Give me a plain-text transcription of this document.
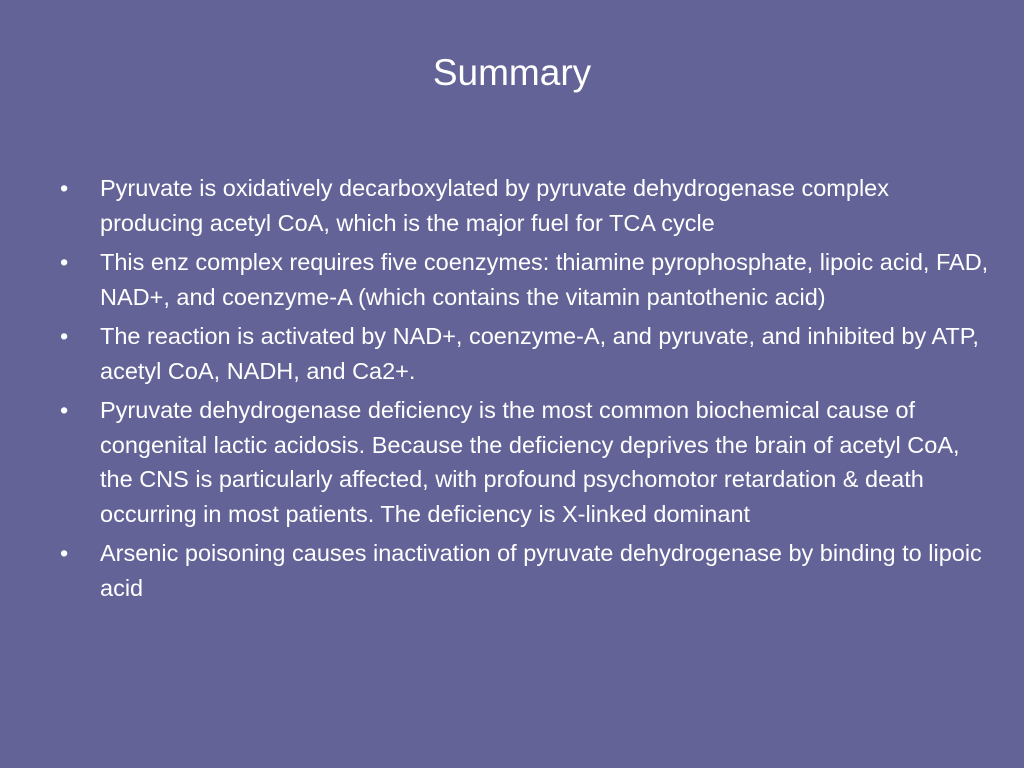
Summary
• Pyruvate is oxidatively decarboxylated by pyruvate dehydrogenase complex producing acetyl CoA, which is the major fuel for TCA cycle
• This enz complex requires five coenzymes: thiamine pyrophosphate, lipoic acid, FAD, NAD+, and coenzyme-A (which contains the vitamin pantothenic acid)
• The reaction is activated by NAD+, coenzyme-A, and pyruvate, and inhibited by ATP, acetyl CoA, NADH, and Ca2+.
• Pyruvate dehydrogenase deficiency is the most common biochemical cause of congenital lactic acidosis. Because the deficiency deprives the brain of acetyl CoA, the CNS is particularly affected, with profound psychomotor retardation & death occurring in most patients. The deficiency is X-linked dominant
• Arsenic poisoning causes inactivation of pyruvate dehydrogenase by binding to lipoic acid
